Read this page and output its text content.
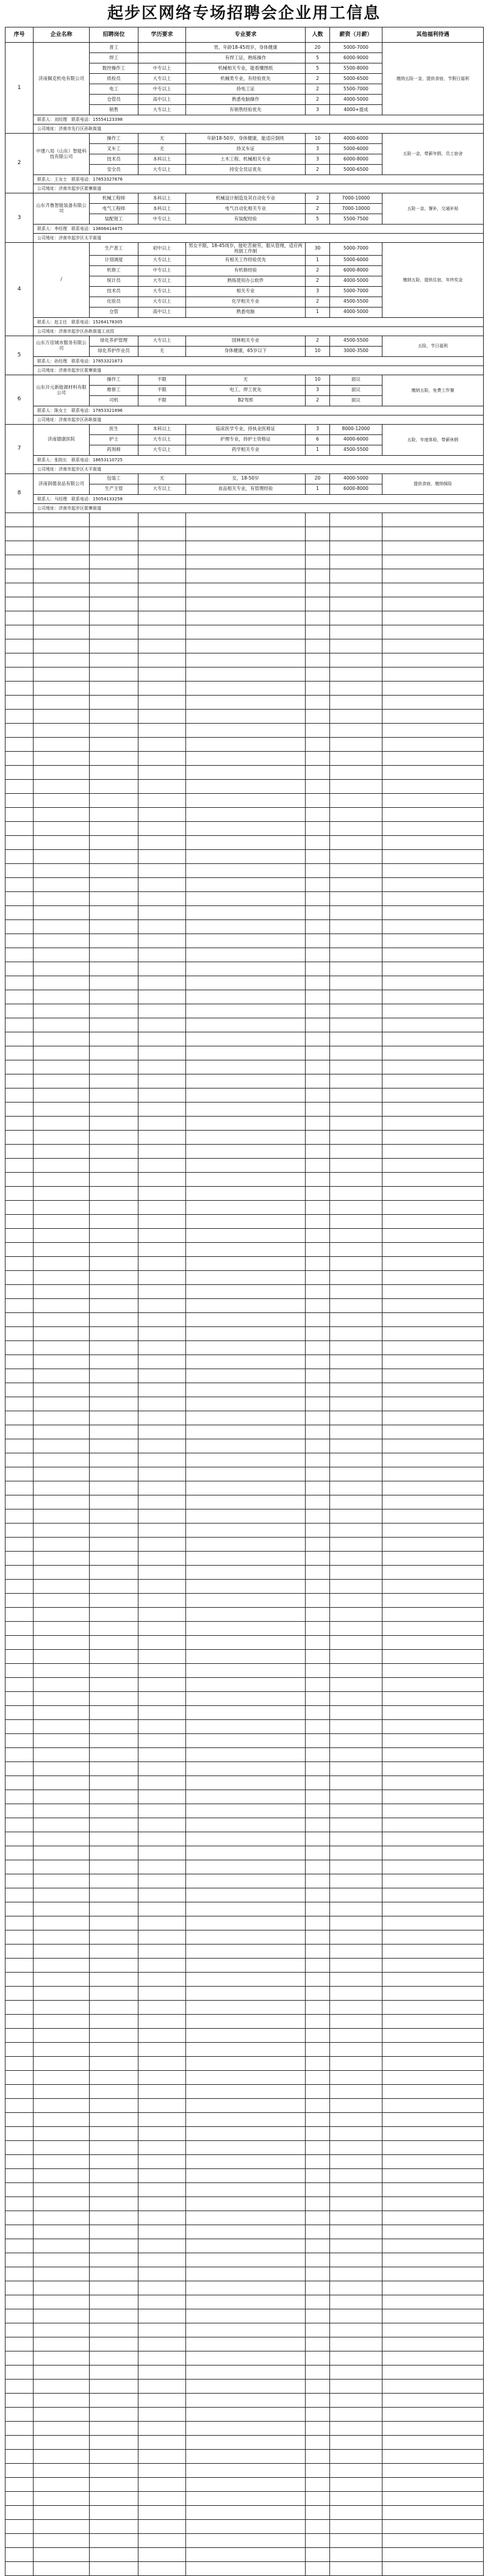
起步区网络专场招聘会企业用工信息
序号	企业名称	招聘岗位	学历要求	专业要求	人数	薪资（月薪）	其他福利待遇
1	济南佩克机电有限公司	普工		男，年龄18-45周岁，身体健康	20	5000-7000	缴纳五险一金，提供食宿，节假日福利
		焊工		有焊工证，熟练操作	5	6000-9000	
		数控操作工	中专以上	机械相关专业，能看懂图纸	5	5500-8000	
		质检员	大专以上	机械类专业，有经验优先	2	5000-6500	
		电工	中专以上	持电工证	2	5500-7000	
		仓管员	高中以上	熟悉电脑操作	2	4000-5000	
		销售	大专以上	有销售经验优先	3	4000+提成	
	联系人：刘经理　联系电话：15554123398						
	公司地址：济南市先行区孙耿街道						
2	中建八局（山东）智能科技有限公司	操作工	无	年龄18-50岁，身体健康，能适应倒班	10	4000-6000	五险一金，带薪年假，员工宿舍
		叉车工	无	持叉车证	3	5000-6000	
		技术员	本科以上	土木工程、机械相关专业	3	6000-8000	
		安全员	大专以上	持安全员证优先	2	5000-6500	
	联系人：王女士　联系电话：17853327876						
	公司地址：济南市起步区崔寨街道						
3	山东齐鲁智能装备有限公司	机械工程师	本科以上	机械设计制造及其自动化专业	2	7000-10000	五险一金，餐补，交通补贴
		电气工程师	本科以上	电气自动化相关专业	2	7000-10000	
		装配钳工	中专以上	有装配经验	5	5500-7500	
	联系人：李经理　联系电话：13806414475						
	公司地址：济南市起步区太平街道						
4	/	生产普工	初中以上	男女不限，18-45周岁，能吃苦耐劳，服从管理，适应两班倒工作制	30	5000-7000	缴纳五险，提供住宿，年终奖金
		计划调度	大专以上	有相关工作经验优先	1	5000-6000	
		机修工	中专以上	有机修经验	2	6000-8000	
		统计员	大专以上	熟练使用办公软件	2	4000-5000	
		技术员	大专以上	相关专业	3	5000-7000	
		化验员	大专以上	化学相关专业	2	4500-5500	
		仓管	高中以上	熟悉电脑	1	4000-5000	
	联系人：赵主任　联系电话：15264178305						
	公司地址：济南市起步区孙耿街道工业园						
5	山东万佳城市服务有限公司	绿化养护管理	大专以上	园林相关专业	2	4500-5500	五险，节日福利
		绿化养护作业员	无	身体健康，65岁以下	10	3000-3500	
	联系人：孙经理　联系电话：17853321873						
	公司地址：济南市起步区崔寨街道						
6	山东开元新能源材料有限公司	操作工	不限	无	10	面议	缴纳五险，免费工作餐
		维修工	不限	电工、焊工优先	3	面议	
		司机	不限	B2驾照	2	面议	
	联系人：陈女士　联系电话：17853321896						
	公司地址：济南市起步区孙耿街道						
7	济南德康医院	医生	本科以上	临床医学专业，持执业医师证	3	8000-12000	五险，年度体检，带薪休假
		护士	大专以上	护理专业，持护士资格证	6	4000-6000	
		药剂师	大专以上	药学相关专业	1	4500-5500	
	联系人：张院长　联系电话：18653110725						
	公司地址：济南市起步区太平街道						
8	济南润德食品有限公司	包装工	无	女，18-50岁	20	4000-5000	提供食宿，缴纳保险
		生产主管	大专以上	食品相关专业，有管理经验	1	6000-8000	
	联系人：马经理　联系电话：15054133258						
	公司地址：济南市起步区崔寨街道						
